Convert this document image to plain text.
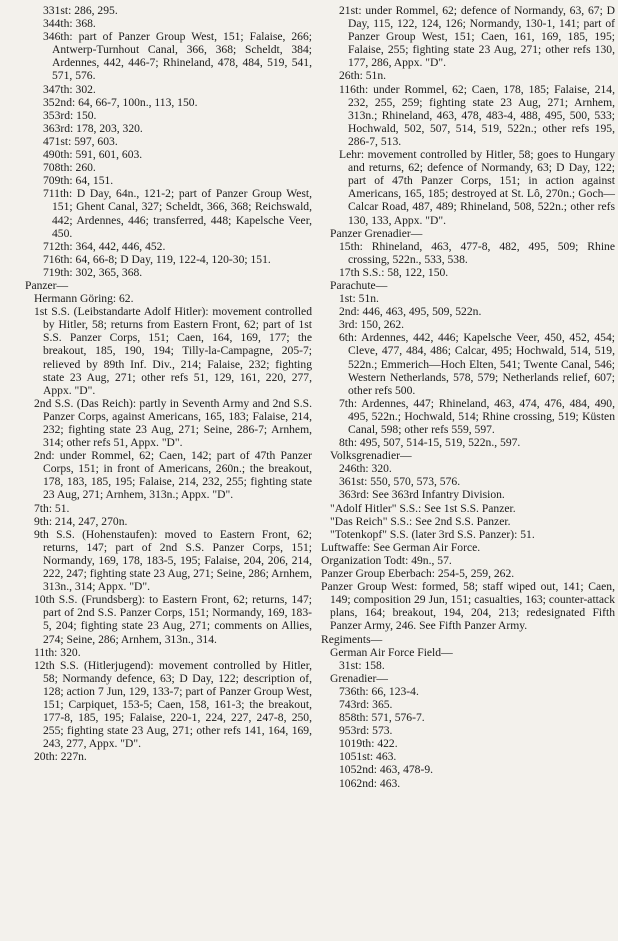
331st: 286, 295.

344th: 368.

346th: part of Panzer Group West, 151; Falaise, 266; Antwerp-Turnhout Canal, 366, 368; Scheldt, 384; Ardennes, 442, 446-7; Rhineland, 478, 484, 519, 541, 571, 576.

347th: 302.

352nd: 64, 66-7, 100n., 113, 150.

353rd: 150.

363rd: 178, 203, 320.

471st: 597, 603.

490th: 591, 601, 603.

708th: 260.

709th: 64, 151.

711th: D Day, 64n., 121-2; part of Panzer Group West, 151; Ghent Canal, 327; Scheldt, 366, 368; Reichswald, 442; Ardennes, 446; transferred, 448; Kapelsche Veer, 450.

712th: 364, 442, 446, 452.

716th: 64, 66-8; D Day, 119, 122-4, 120-30; 151.

719th: 302, 365, 368.

Panzer—

Hermann Göring: 62.

1st S.S. (Leibstandarte Adolf Hitler): movement controlled by Hitler, 58; returns from Eastern Front, 62; part of 1st S.S. Panzer Corps, 151; Caen, 164, 169, 177; the breakout, 185, 190, 194; Tilly-la-Campagne, 205-7; relieved by 89th Inf. Div., 214; Falaise, 232; fighting state 23 Aug, 271; other refs 51, 129, 161, 220, 277, Appx. "D".

2nd S.S. (Das Reich): partly in Seventh Army and 2nd S.S. Panzer Corps, against Americans, 165, 183; Falaise, 214, 232; fighting state 23 Aug, 271; Seine, 286-7; Arnhem, 314; other refs 51, Appx. "D".

2nd: under Rommel, 62; Caen, 142; part of 47th Panzer Corps, 151; in front of Americans, 260n.; the breakout, 178, 183, 185, 195; Falaise, 214, 232, 255; fighting state 23 Aug, 271; Arnhem, 313n.; Appx. "D".

7th: 51.

9th: 214, 247, 270n.

9th S.S. (Hohenstaufen): moved to Eastern Front, 62; returns, 147; part of 2nd S.S. Panzer Corps, 151; Normandy, 169, 178, 183-5, 195; Falaise, 204, 206, 214, 222, 247; fighting state 23 Aug, 271; Seine, 286; Arnhem, 313n., 314; Appx. "D".

10th S.S. (Frundsberg): to Eastern Front, 62; returns, 147; part of 2nd S.S. Panzer Corps, 151; Normandy, 169, 183-5, 204; fighting state 23 Aug, 271; comments on Allies, 274; Seine, 286; Arnhem, 313n., 314.

11th: 320.

12th S.S. (Hitlerjugend): movement controlled by Hitler, 58; Normandy defence, 63; D Day, 122; description of, 128; action 7 Jun, 129, 133-7; part of Panzer Group West, 151; Carpiquet, 153-5; Caen, 158, 161-3; the breakout, 177-8, 185, 195; Falaise, 220-1, 224, 227, 247-8, 250, 255; fighting state 23 Aug, 271; other refs 141, 164, 169, 243, 277, Appx. "D".

20th: 227n.

21st: under Rommel, 62; defence of Normandy, 63, 67; D Day, 115, 122, 124, 126; Normandy, 130-1, 141; part of Panzer Group West, 151; Caen, 161, 169, 185, 195; Falaise, 255; fighting state 23 Aug, 271; other refs 130, 177, 286, Appx. "D".

26th: 51n.

116th: under Rommel, 62; Caen, 178, 185; Falaise, 214, 232, 255, 259; fighting state 23 Aug, 271; Arnhem, 313n.; Rhineland, 463, 478, 483-4, 488, 495, 500, 533; Hochwald, 502, 507, 514, 519, 522n.; other refs 195, 286-7, 513.

Lehr: movement controlled by Hitler, 58; goes to Hungary and returns, 62; defence of Normandy, 63; D Day, 122; part of 47th Panzer Corps, 151; in action against Americans, 165, 185; destroyed at St. Lô, 270n.; Goch—Calcar Road, 487, 489; Rhineland, 508, 522n.; other refs 130, 133, Appx. "D".

Panzer Grenadier—

15th: Rhineland, 463, 477-8, 482, 495, 509; Rhine crossing, 522n., 533, 538.

17th S.S.: 58, 122, 150.

Parachute—

1st: 51n.

2nd: 446, 463, 495, 509, 522n.

3rd: 150, 262.

6th: Ardennes, 442, 446; Kapelsche Veer, 450, 452, 454; Cleve, 477, 484, 486; Calcar, 495; Hochwald, 514, 519, 522n.; Emmerich—Hoch Elten, 541; Twente Canal, 546; Western Netherlands, 578, 579; Netherlands relief, 607; other refs 500.

7th: Ardennes, 447; Rhineland, 463, 474, 476, 484, 490, 495, 522n.; Hochwald, 514; Rhine crossing, 519; Küsten Canal, 598; other refs 559, 597.

8th: 495, 507, 514-15, 519, 522n., 597.

Volksgrenadier—

246th: 320.

361st: 550, 570, 573, 576.

363rd: See 363rd Infantry Division.

"Adolf Hitler" S.S.: See 1st S.S. Panzer.

"Das Reich" S.S.: See 2nd S.S. Panzer.

"Totenkopf" S.S. (later 3rd S.S. Panzer): 51.

Luftwaffe: See German Air Force.

Organization Todt: 49n., 57.

Panzer Group Eberbach: 254-5, 259, 262.

Panzer Group West: formed, 58; staff wiped out, 141; Caen, 149; composition 29 Jun, 151; casualties, 163; counter-attack plans, 164; breakout, 194, 204, 213; redesignated Fifth Panzer Army, 246. See Fifth Panzer Army.

Regiments—

German Air Force Field—

31st: 158.

Grenadier—

736th: 66, 123-4.

743rd: 365.

858th: 571, 576-7.

953rd: 573.

1019th: 422.

1051st: 463.

1052nd: 463, 478-9.

1062nd: 463.
